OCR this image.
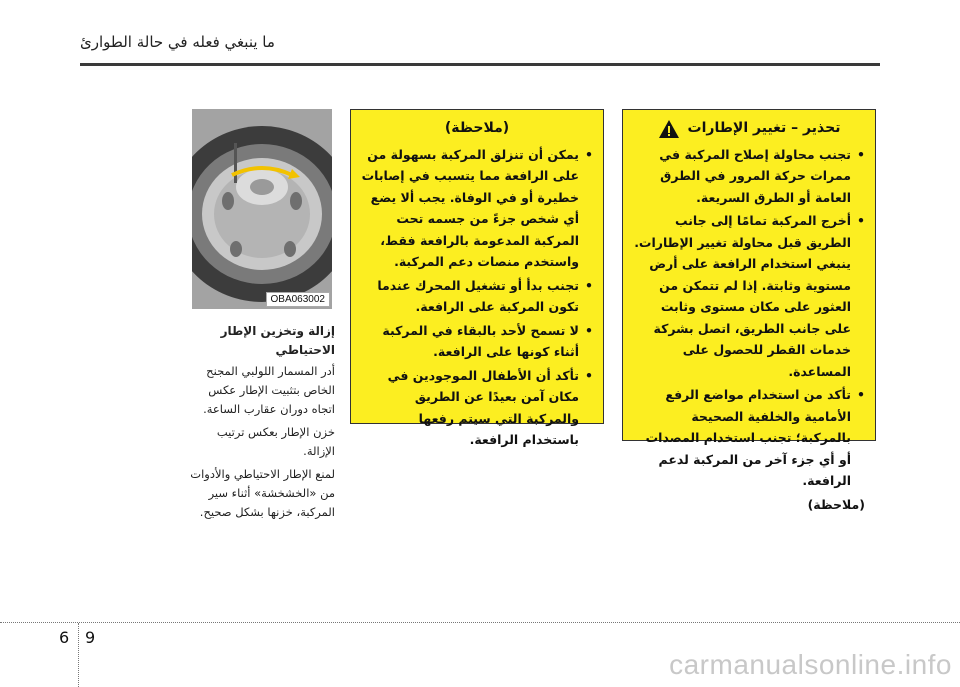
ما ينبغي فعله في حالة الطوارئ
OBA063002
إزالة وتخزين الإطار الاحتياطي

أدر المسمار اللولبي المجنح الخاص بتثبيت الإطار عكس اتجاه دوران عقارب الساعة.

خزن الإطار بعكس ترتيب الإزالة.

لمنع الإطار الاحتياطي والأدوات من «الخشخشة» أثناء سير المركبة، خزنها بشكل صحيح.

(ملاحظة)
•
يمكن أن تنزلق المركبة بسهولة من على الرافعة مما يتسبب في إصابات خطيرة أو في الوفاة. يجب ألا يضع أي شخص جزءً من جسمه تحت المركبة المدعومة بالرافعة فقط، واستخدم منصات دعم المركبة.
•
تجنب بدأ أو تشغيل المحرك عندما تكون المركبة على الرافعة.
•
لا تسمح لأحد بالبقاء في المركبة أثناء كونها على الرافعة.
•
تأكد أن الأطفال الموجودين في مكان آمن بعيدًا عن الطريق والمركبة التي سيتم رفعها باستخدام الرافعة.
تحذير – تغيير الإطارات
•
تجنب محاولة إصلاح المركبة في ممرات حركة المرور في الطرق العامة أو الطرق السريعة.
•
أخرج المركبة تمامًا إلى جانب الطريق قبل محاولة تغيير الإطارات. ينبغي استخدام الرافعة على أرض مستوية وثابتة. إذا لم تتمكن من العثور على مكان مستوى وثابت على جانب الطريق، اتصل بشركة خدمات القطر للحصول على المساعدة.
•
تأكد من استخدام مواضع الرفع الأمامية والخلفية الصحيحة بالمركبة؛ تجنب استخدام المصدات أو أي جزء آخر من المركبة لدعم الرافعة.
(ملاحظة)
6 9
carmanualsonline.info
